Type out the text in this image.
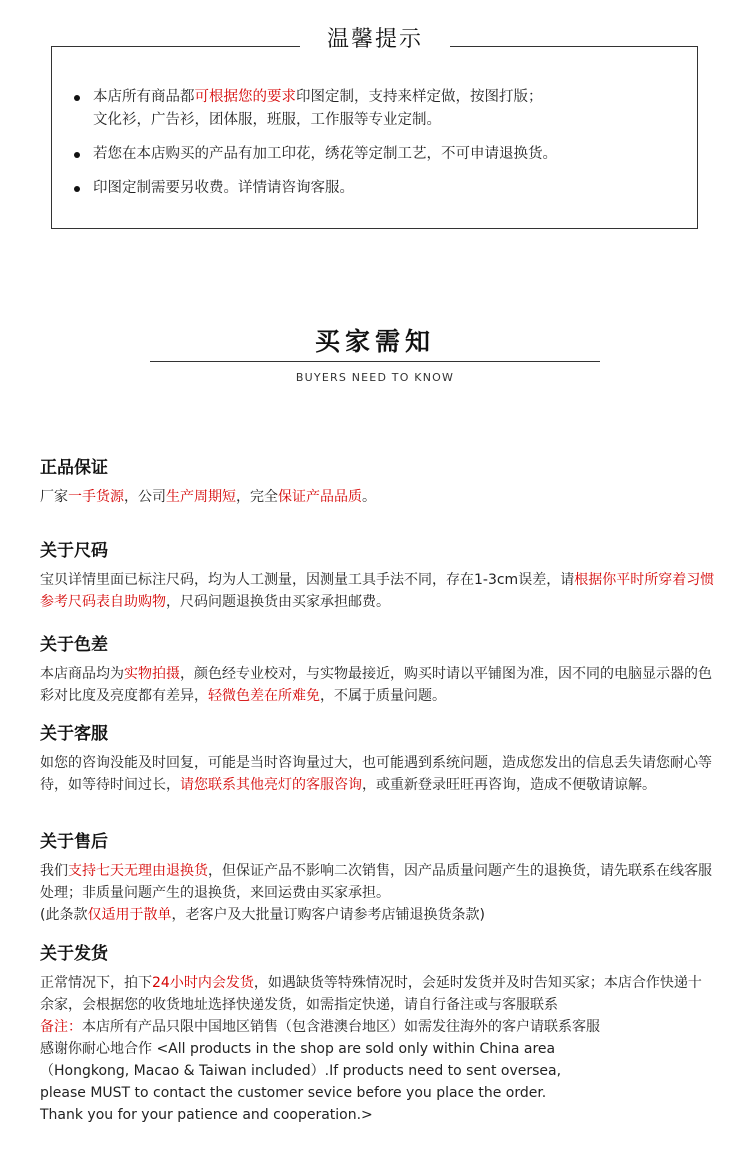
温馨提示
本店所有商品都可根据您的要求印图定制，支持来样定做，按图打版；
文化衫，广告衫，团体服，班服，工作服等专业定制。
若您在本店购买的产品有加工印花，绣花等定制工艺，不可申请退换货。
印图定制需要另收费。详情请咨询客服。
买家需知
BUYERS NEED TO KNOW
正品保证

厂家一手货源，公司生产周期短，完全保证产品品质。

关于尺码

宝贝详情里面已标注尺码，均为人工测量，因测量工具手法不同，存在1-3cm误差，请根据你平时所穿着习惯参考尺码表自助购物，尺码问题退换货由买家承担邮费。

关于色差

本店商品均为实物拍摄，颜色经专业校对，与实物最接近，购买时请以平铺图为准，因不同的电脑显示器的色彩对比度及亮度都有差异，轻微色差在所难免，不属于质量问题。

关于客服

如您的咨询没能及时回复，可能是当时咨询量过大，也可能遇到系统问题，造成您发出的信息丢失请您耐心等待，如等待时间过长，请您联系其他亮灯的客服咨询，或重新登录旺旺再咨询，造成不便敬请谅解。

关于售后

我们支持七天无理由退换货，但保证产品不影响二次销售，因产品质量问题产生的退换货，请先联系在线客服处理；非质量问题产生的退换货，来回运费由买家承担。

(此条款仅适用于散单，老客户及大批量订购客户请参考店铺退换货条款)

关于发货

正常情况下，拍下24小时内会发货，如遇缺货等特殊情况时，会延时发货并及时告知买家；本店合作快递十余家，会根据您的收货地址选择快递发货，如需指定快递，请自行备注或与客服联系

备注：本店所有产品只限中国地区销售（包含港澳台地区）如需发往海外的客户请联系客服

感谢你耐心地合作 <All products in the shop are sold only within China area

（Hongkong, Macao & Taiwan included）.If products need to sent oversea,

please MUST to contact the customer sevice before you place the order.

Thank you for your patience and cooperation.>
